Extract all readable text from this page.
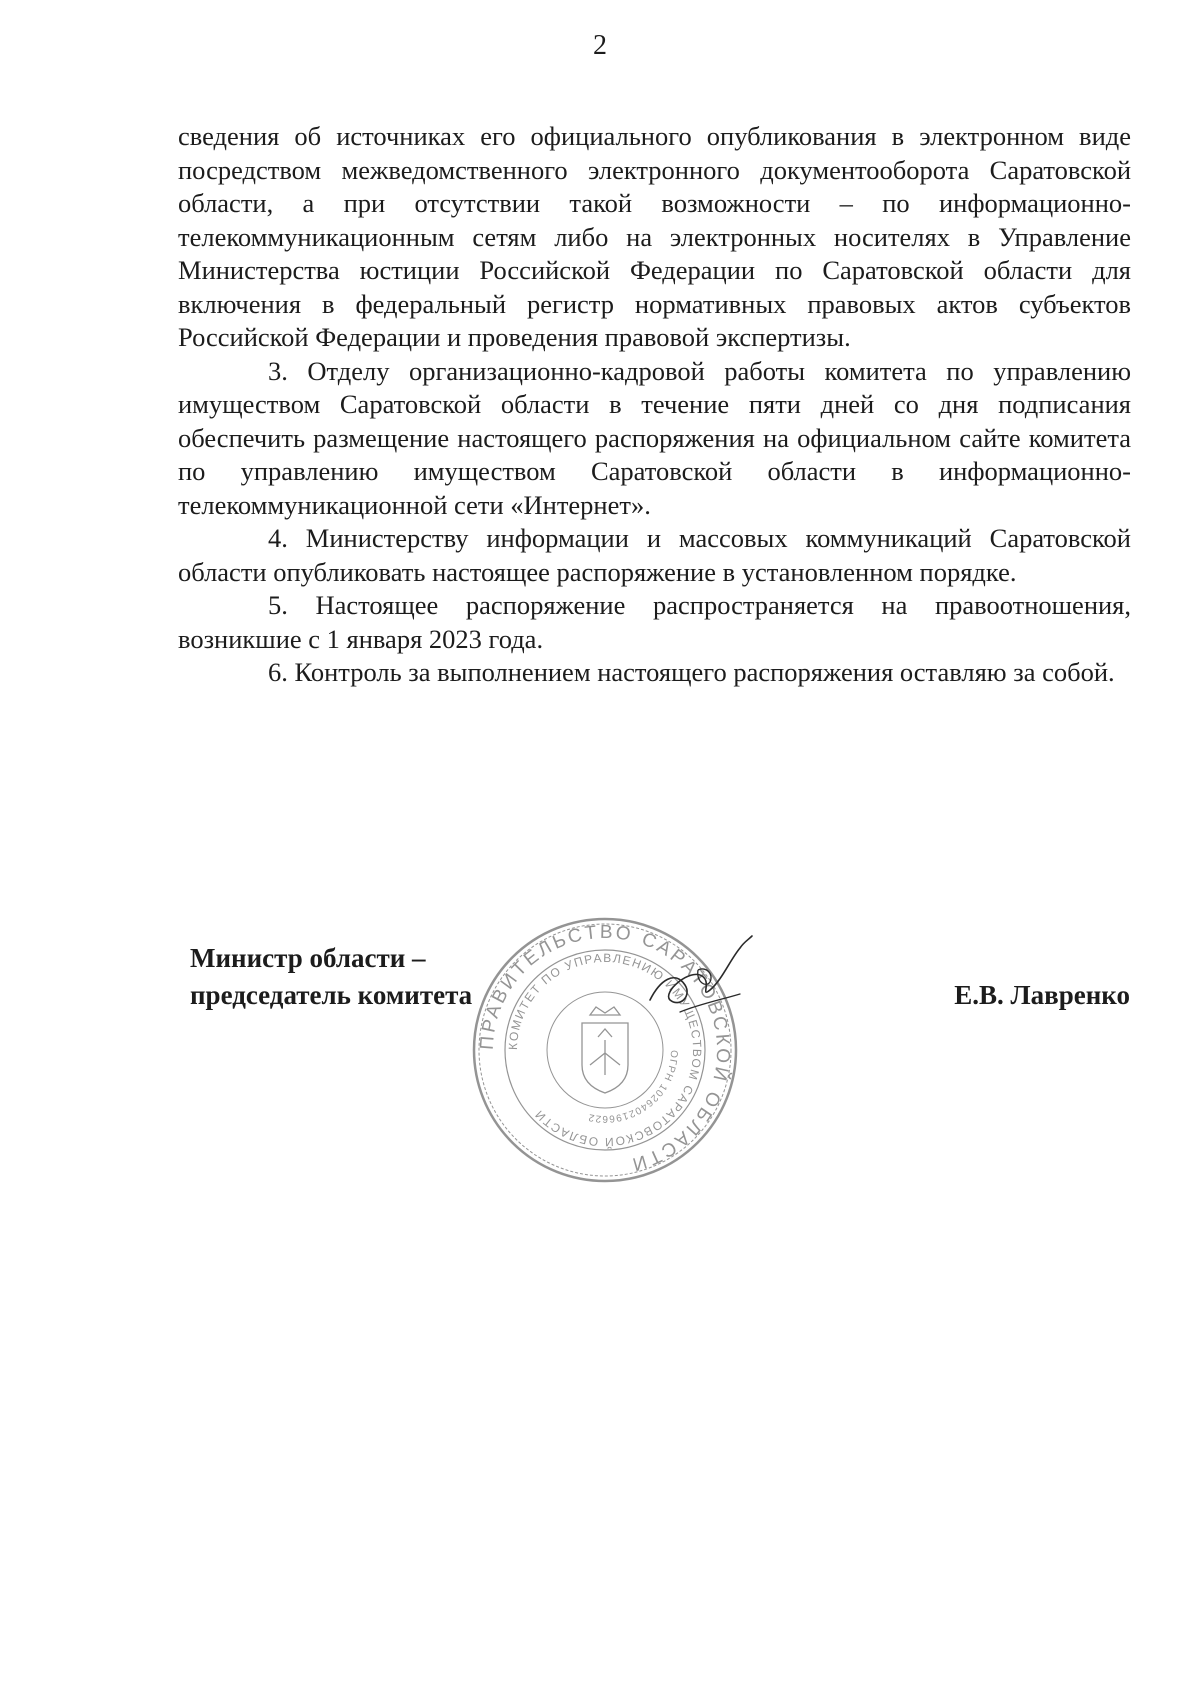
2

сведения об источниках его официального опубликования в электронном виде посредством межведомственного электронного документооборота Саратовской области, а при отсутствии такой возможности – по информационно-телекоммуникационным сетям либо на электронных носителях в Управление Министерства юстиции Российской Федерации по Саратовской области для включения в федеральный регистр нормативных правовых актов субъектов Российской Федерации и проведения правовой экспертизы.

3. Отделу организационно-кадровой работы комитета по управлению имуществом Саратовской области в течение пяти дней со дня подписания обеспечить размещение настоящего распоряжения на официальном сайте комитета по управлению имуществом Саратовской области в информационно-телекоммуникационной сети «Интернет».

4. Министерству информации и массовых коммуникаций Саратовской области опубликовать настоящее распоряжение в установленном порядке.

5. Настоящее распоряжение распространяется на правоотношения, возникшие с 1 января 2023 года.

6. Контроль за выполнением настоящего распоряжения оставляю за собой.

Министр области –
председатель комитета	Е.В. Лавренко
ПРАВИТЕЛЬСТВО САРАТОВСКОЙ ОБЛАСТИ
КОМИТЕТ ПО УПРАВЛЕНИЮ ИМУЩЕСТВОМ САРАТОВСКОЙ ОБЛАСТИ
ОГРН 1026402196622
